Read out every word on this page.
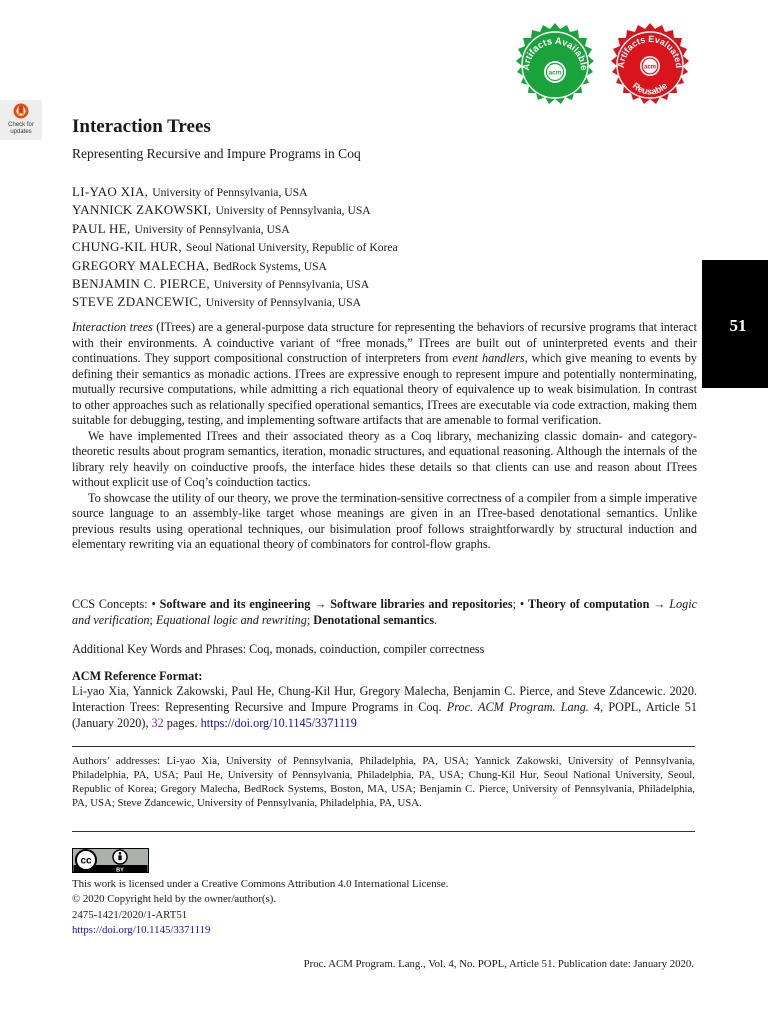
Check for
updates
Artifacts Available
acm
Artifacts Evaluated
Reusable
acm
Interaction Trees
Representing Recursive and Impure Programs in Coq
LI-YAO XIA, University of Pennsylvania, USA
YANNICK ZAKOWSKI, University of Pennsylvania, USA
PAUL HE, University of Pennsylvania, USA
CHUNG-KIL HUR, Seoul National University, Republic of Korea
GREGORY MALECHA, BedRock Systems, USA
BENJAMIN C. PIERCE, University of Pennsylvania, USA
STEVE ZDANCEWIC, University of Pennsylvania, USA
51

Interaction trees (ITrees) are a general-purpose data structure for representing the behaviors of recursive programs that interact with their environments. A coinductive variant of “free monads,” ITrees are built out of uninterpreted events and their continuations. They support compositional construction of interpreters from event handlers, which give meaning to events by defining their semantics as monadic actions. ITrees are expressive enough to represent impure and potentially nonterminating, mutually recursive computations, while admitting a rich equational theory of equivalence up to weak bisimulation. In contrast to other approaches such as relationally specified operational semantics, ITrees are executable via code extraction, making them suitable for debugging, testing, and implementing software artifacts that are amenable to formal verification.

We have implemented ITrees and their associated theory as a Coq library, mechanizing classic domain- and category-theoretic results about program semantics, iteration, monadic structures, and equational reasoning. Although the internals of the library rely heavily on coinductive proofs, the interface hides these details so that clients can use and reason about ITrees without explicit use of Coq’s coinduction tactics.

To showcase the utility of our theory, we prove the termination-sensitive correctness of a compiler from a simple imperative source language to an assembly-like target whose meanings are given in an ITree-based denotational semantics. Unlike previous results using operational techniques, our bisimulation proof follows straightforwardly by structural induction and elementary rewriting via an equational theory of combinators for control-flow graphs.

CCS Concepts: • Software and its engineering → Software libraries and repositories; • Theory of computation → Logic and verification; Equational logic and rewriting; Denotational semantics.
Additional Key Words and Phrases: Coq, monads, coinduction, compiler correctness
ACM Reference Format:
Li-yao Xia, Yannick Zakowski, Paul He, Chung-Kil Hur, Gregory Malecha, Benjamin C. Pierce, and Steve Zdancewic. 2020. Interaction Trees: Representing Recursive and Impure Programs in Coq. Proc. ACM Program. Lang. 4, POPL, Article 51 (January 2020), 32 pages. https://doi.org/10.1145/3371119
Authors’ addresses: Li-yao Xia, University of Pennsylvania, Philadelphia, PA, USA; Yannick Zakowski, University of Pennsylvania, Philadelphia, PA, USA; Paul He, University of Pennsylvania, Philadelphia, PA, USA; Chung-Kil Hur, Seoul National University, Seoul, Republic of Korea; Gregory Malecha, BedRock Systems, Boston, MA, USA; Benjamin C. Pierce, University of Pennsylvania, Philadelphia, PA, USA; Steve Zdancewic, University of Pennsylvania, Philadelphia, PA, USA.
cc
BY
This work is licensed under a Creative Commons Attribution 4.0 International License.
© 2020 Copyright held by the owner/author(s).
2475-1421/2020/1-ART51
https://doi.org/10.1145/3371119
Proc. ACM Program. Lang., Vol. 4, No. POPL, Article 51. Publication date: January 2020.
